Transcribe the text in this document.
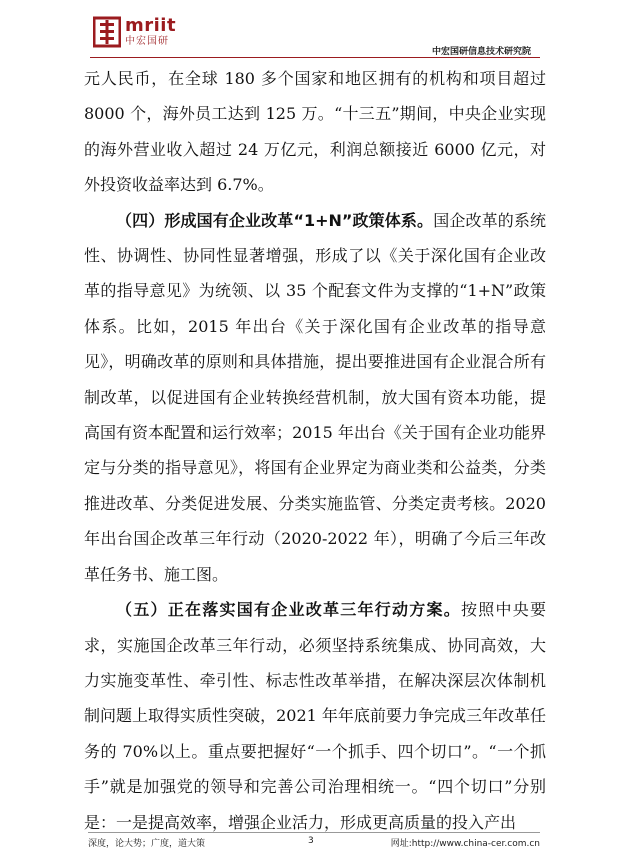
mriit
中宏国研
中宏国研信息技术研究院

元人民币，在全球 180 多个国家和地区拥有的机构和项目超过 8000 个，海外员工达到 125 万。“十三五”期间，中央企业实现的海外营业收入超过 24 万亿元，利润总额接近 6000 亿元，对外投资收益率达到 6.7%。

（四）形成国有企业改革“1+N”政策体系。国企改革的系统性、协调性、协同性显著增强，形成了以《关于深化国有企业改革的指导意见》为统领、以 35 个配套文件为支撑的“1+N”政策体系。比如，2015 年出台《关于深化国有企业改革的指导意见》，明确改革的原则和具体措施，提出要推进国有企业混合所有制改革，以促进国有企业转换经营机制，放大国有资本功能，提高国有资本配置和运行效率；2015 年出台《关于国有企业功能界定与分类的指导意见》，将国有企业界定为商业类和公益类，分类推进改革、分类促进发展、分类实施监管、分类定责考核。2020 年出台国企改革三年行动（2020-2022 年），明确了今后三年改革任务书、施工图。

（五）正在落实国有企业改革三年行动方案。按照中央要求，实施国企改革三年行动，必须坚持系统集成、协同高效，大力实施变革性、牵引性、标志性改革举措，在解决深层次体制机制问题上取得实质性突破，2021 年年底前要力争完成三年改革任务的 70%以上。重点要把握好“一个抓手、四个切口”。“一个抓手”就是加强党的领导和完善公司治理相统一。“四个切口”分别是：一是提高效率，增强企业活力，形成更高质量的投入产出

深度，论大势；广度，道大策	3	网址:http://www.china-cer.com.cn
